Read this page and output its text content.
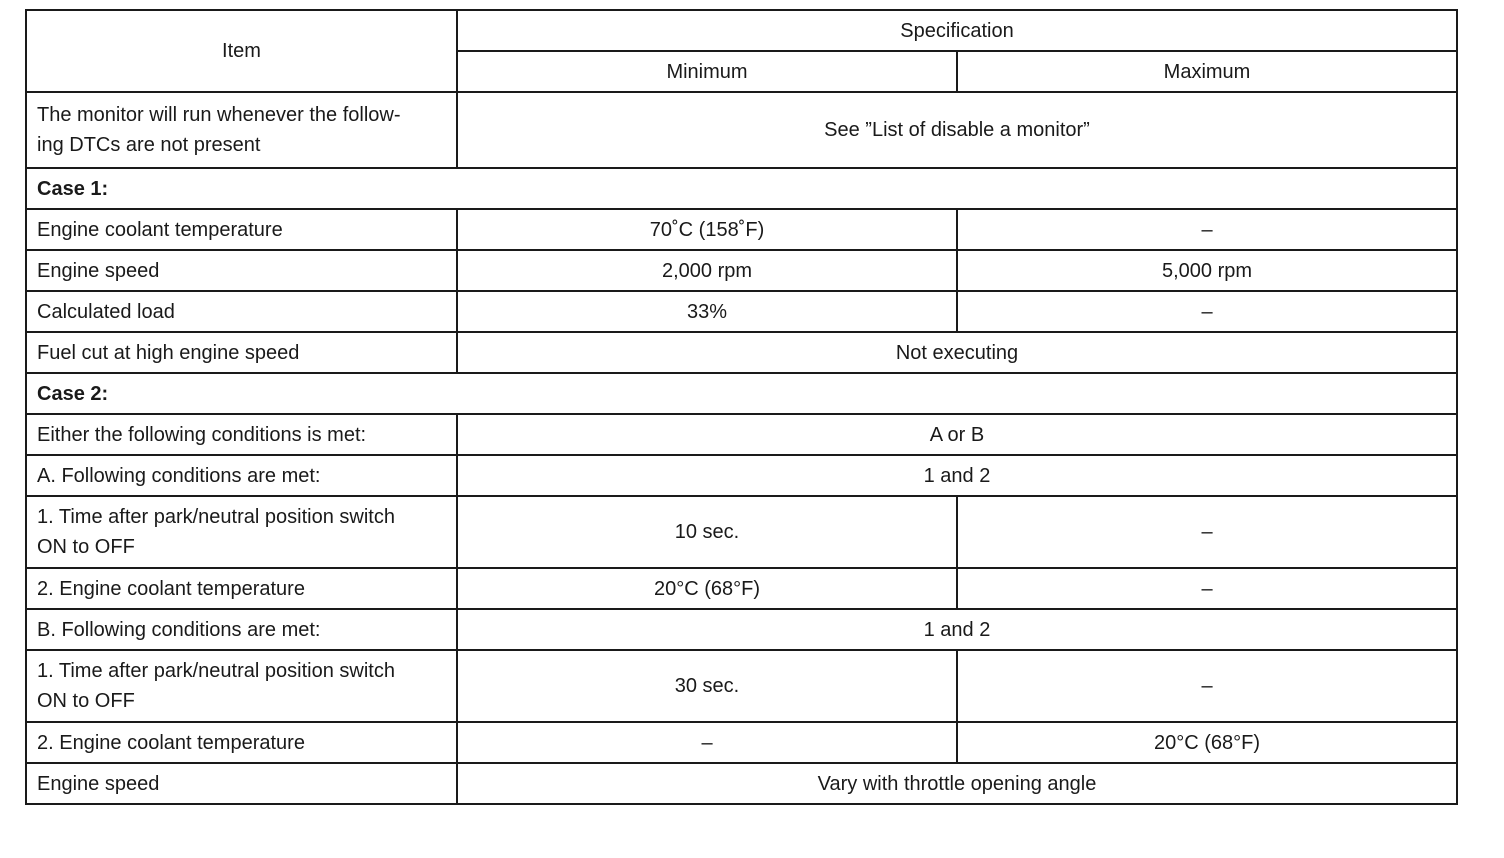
Item	Specification	
	Minimum	Maximum
The monitor will run whenever the follow-
ing DTCs are not present	See ”List of disable a monitor”	
Case 1:		
Engine coolant temperature	70˚C (158˚F)	–
Engine speed	2,000 rpm	5,000 rpm
Calculated load	33%	–
Fuel cut at high engine speed	Not executing	
Case 2:		
Either the following conditions is met:	A or B	
A. Following conditions are met:	1 and 2	
1. Time after park/neutral position switch
ON to OFF	10 sec.	–
2. Engine coolant temperature	20°C (68°F)	–
B. Following conditions are met:	1 and 2	
1. Time after park/neutral position switch
ON to OFF	30 sec.	–
2. Engine coolant temperature	–	20°C (68°F)
Engine speed	Vary with throttle opening angle	
